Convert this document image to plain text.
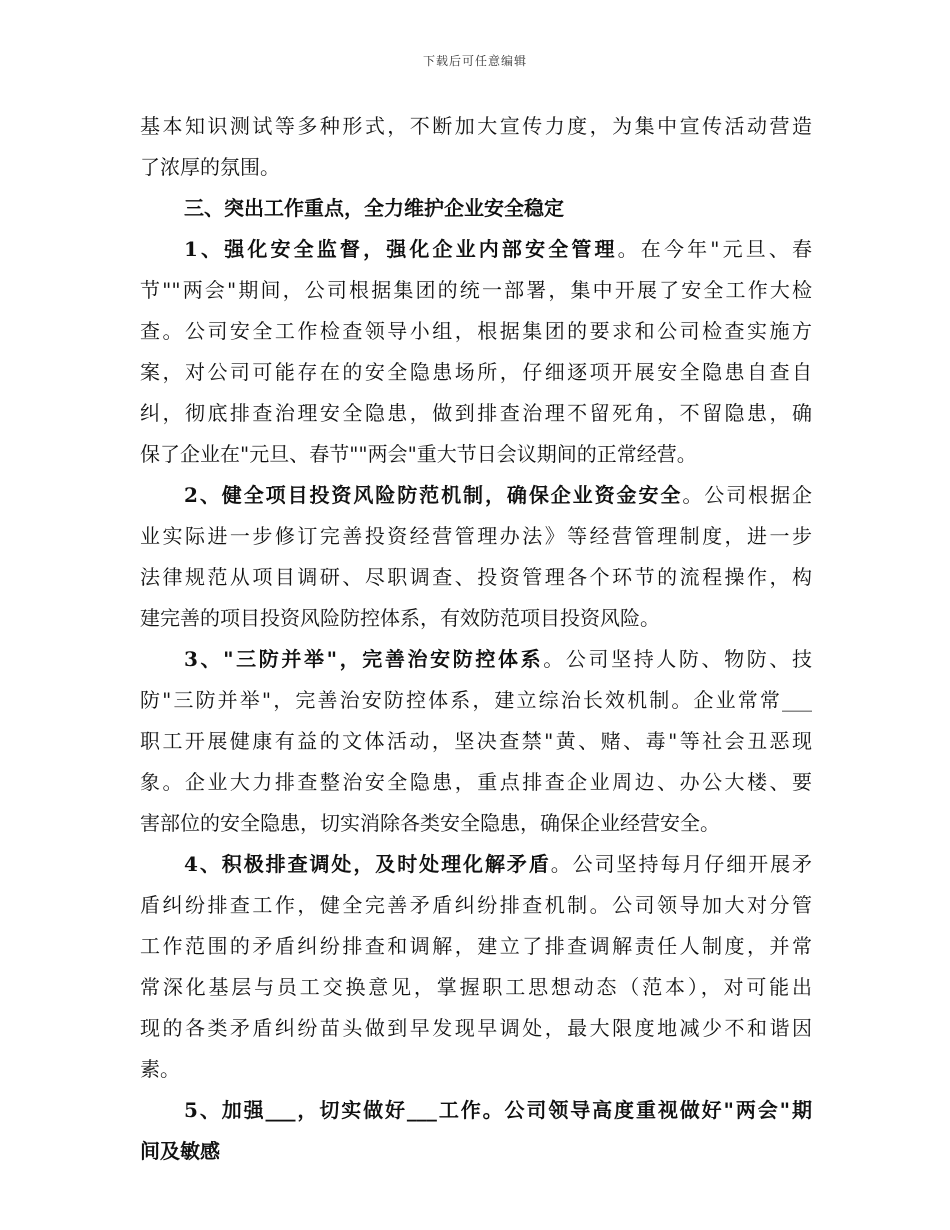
下载后可任意编辑
基本知识测试等多种形式，不断加大宣传力度，为集中宣传活动营造
了浓厚的氛围。
三、突出工作重点，全力维护企业安全稳定
1、强化安全监督，强化企业内部安全管理。在今年"元旦、春
节""两会"期间，公司根据集团的统一部署，集中开展了安全工作大检
查。公司安全工作检查领导小组，根据集团的要求和公司检查实施方
案，对公司可能存在的安全隐患场所，仔细逐项开展安全隐患自查自
纠，彻底排查治理安全隐患，做到排查治理不留死角，不留隐患，确
保了企业在"元旦、春节""两会"重大节日会议期间的正常经营。
2、健全项目投资风险防范机制，确保企业资金安全。公司根据企
业实际进一步修订完善投资经营管理办法》等经营管理制度，进一步
法律规范从项目调研、尽职调查、投资管理各个环节的流程操作，构
建完善的项目投资风险防控体系，有效防范项目投资风险。
3、"三防并举"，完善治安防控体系。公司坚持人防、物防、技
防"三防并举"，完善治安防控体系，建立综治长效机制。企业常常___
职工开展健康有益的文体活动，坚决查禁"黄、赌、毒"等社会丑恶现
象。企业大力排查整治安全隐患，重点排查企业周边、办公大楼、要
害部位的安全隐患，切实消除各类安全隐患，确保企业经营安全。
4、积极排查调处，及时处理化解矛盾。公司坚持每月仔细开展矛
盾纠纷排查工作，健全完善矛盾纠纷排查机制。公司领导加大对分管
工作范围的矛盾纠纷排查和调解，建立了排查调解责任人制度，并常
常深化基层与员工交换意见，掌握职工思想动态（范本），对可能出
现的各类矛盾纠纷苗头做到早发现早调处，最大限度地减少不和谐因
素。
5、加强___，切实做好___工作。公司领导高度重视做好"两会"期
间及敏感
